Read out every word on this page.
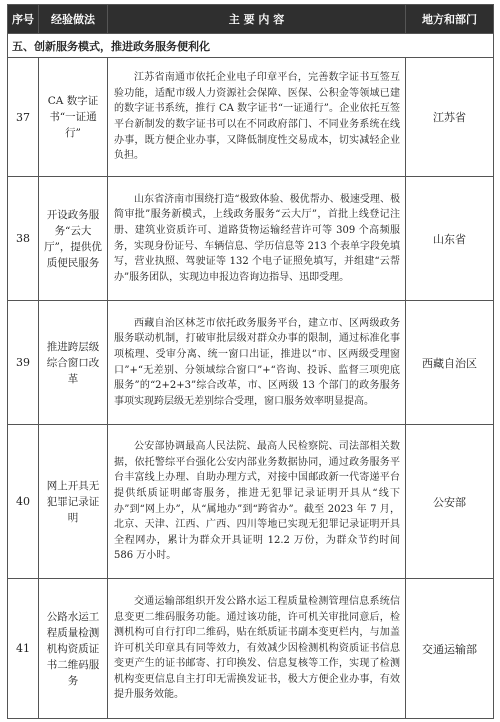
序号	经验做法	主 要 内 容	地方和部门
五、创新服务模式，推进政务服务便利化			
37	CA 数字证书“一证通行”	江苏省南通市依托企业电子印章平台，完善数字证书互签互验功能，适配市级人力资源社会保障、医保、公积金等领域已建的数字证书系统，推行 CA 数字证书“一证通行”。企业依托互签平台新制发的数字证书可以在不同政府部门、不同业务系统在线办事，既方便企业办事，又降低制度性交易成本，切实减轻企业负担。	江苏省
38	开设政务服务“云大厅”，提供优质便民服务	山东省济南市围绕打造“极致体验、极优帮办、极速受理、极简审批”服务新模式，上线政务服务“云大厅”，首批上线登记注册、建筑业资质许可、道路货物运输经营许可等 309 个高频服务，实现身份证号、车辆信息、学历信息等 213 个表单字段免填写，营业执照、驾驶证等 132 个电子证照免填写，并组建“云帮办”服务团队，实现边申报边咨询边指导、迅即受理。	山东省
39	推进跨层级综合窗口改革	西藏自治区林芝市依托政务服务平台，建立市、区两级政务服务联动机制，打破审批层级对群众办事的限制，通过标准化事项梳理、受审分离、统一窗口出证，推进以“市、区两级受理窗口”+“无差别、分领域综合窗口”+“咨询、投诉、监督三项兜底服务”的“2+2+3”综合改革，市、区两级 13 个部门的政务服务事项实现跨层级无差别综合受理，窗口服务效率明显提高。	西藏自治区
40	网上开具无犯罪记录证明	公安部协调最高人民法院、最高人民检察院、司法部相关数据，依托警综平台强化公安内部业务数据协同，通过政务服务平台丰富线上办理、自助办理方式，对接中国邮政新一代寄递平台提供纸质证明邮寄服务，推进无犯罪记录证明开具从“线下办”到“网上办”，从“属地办”到“跨省办”。截至 2023 年 7 月，北京、天津、江西、广西、四川等地已实现无犯罪记录证明开具全程网办，累计为群众开具证明 12.2 万份，为群众节约时间 586 万小时。	公安部
41	公路水运工程质量检测机构资质证书二维码服务	交通运输部组织开发公路水运工程质量检测管理信息系统信息变更二维码服务功能。通过该功能，许可机关审批同意后，检测机构可自行打印二维码，贴在纸质证书副本变更栏内，与加盖许可机关印章具有同等效力，有效减少因检测机构资质证书信息变更产生的证书邮寄、打印换发、信息复核等工作，实现了检测机构变更信息自主打印无需换发证书，极大方便企业办事，有效提升服务效能。	交通运输部
